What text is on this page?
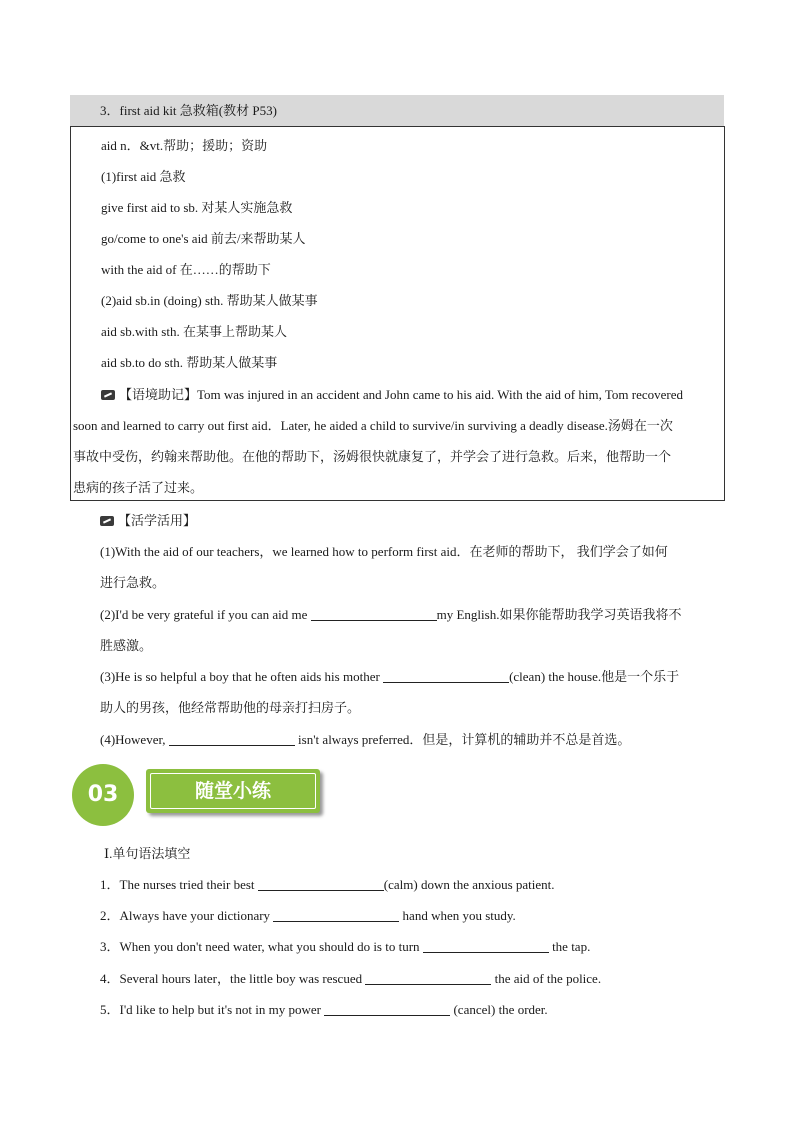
3．first aid kit 急救箱(教材 P53)
aid n．&vt.帮助；援助；资助
(1)first aid 急救
give first aid to sb. 对某人实施急救
go/come to one's aid 前去/来帮助某人
with the aid of 在……的帮助下
(2)aid sb.in (doing) sth. 帮助某人做某事
aid sb.with sth. 在某事上帮助某人
aid sb.to do sth. 帮助某人做某事
【语境助记】Tom was injured in an accident and John came to his aid. With the aid of him, Tom recovered
soon and learned to carry out first aid．Later, he aided a child to survive/in surviving a deadly disease.汤姆在一次
事故中受伤，约翰来帮助他。在他的帮助下，汤姆很快就康复了，并学会了进行急救。后来，他帮助一个
患病的孩子活了过来。
【活学活用】
(1)With the aid of our teachers，we learned how to perform first aid．在老师的帮助下， 我们学会了如何
进行急救。
(2)I'd be very grateful if you can aid me	my English.如果你能帮助我学习英语我将不
胜感激。
(3)He is so helpful a boy that he often aids his mother	(clean) the house.他是一个乐于
助人的男孩，他经常帮助他的母亲打扫房子。
(4)However,	isn't always preferred．但是，计算机的辅助并不总是首选。
03	随堂小练
Ⅰ.单句语法填空
1．The nurses tried their best	(calm) down the anxious patient.
2．Always have your dictionary	hand when you study.
3．When you don't need water, what you should do is to turn	the tap.
4．Several hours later，the little boy was rescued	the aid of the police.
5．I'd like to help but it's not in my power	(cancel) the order.
